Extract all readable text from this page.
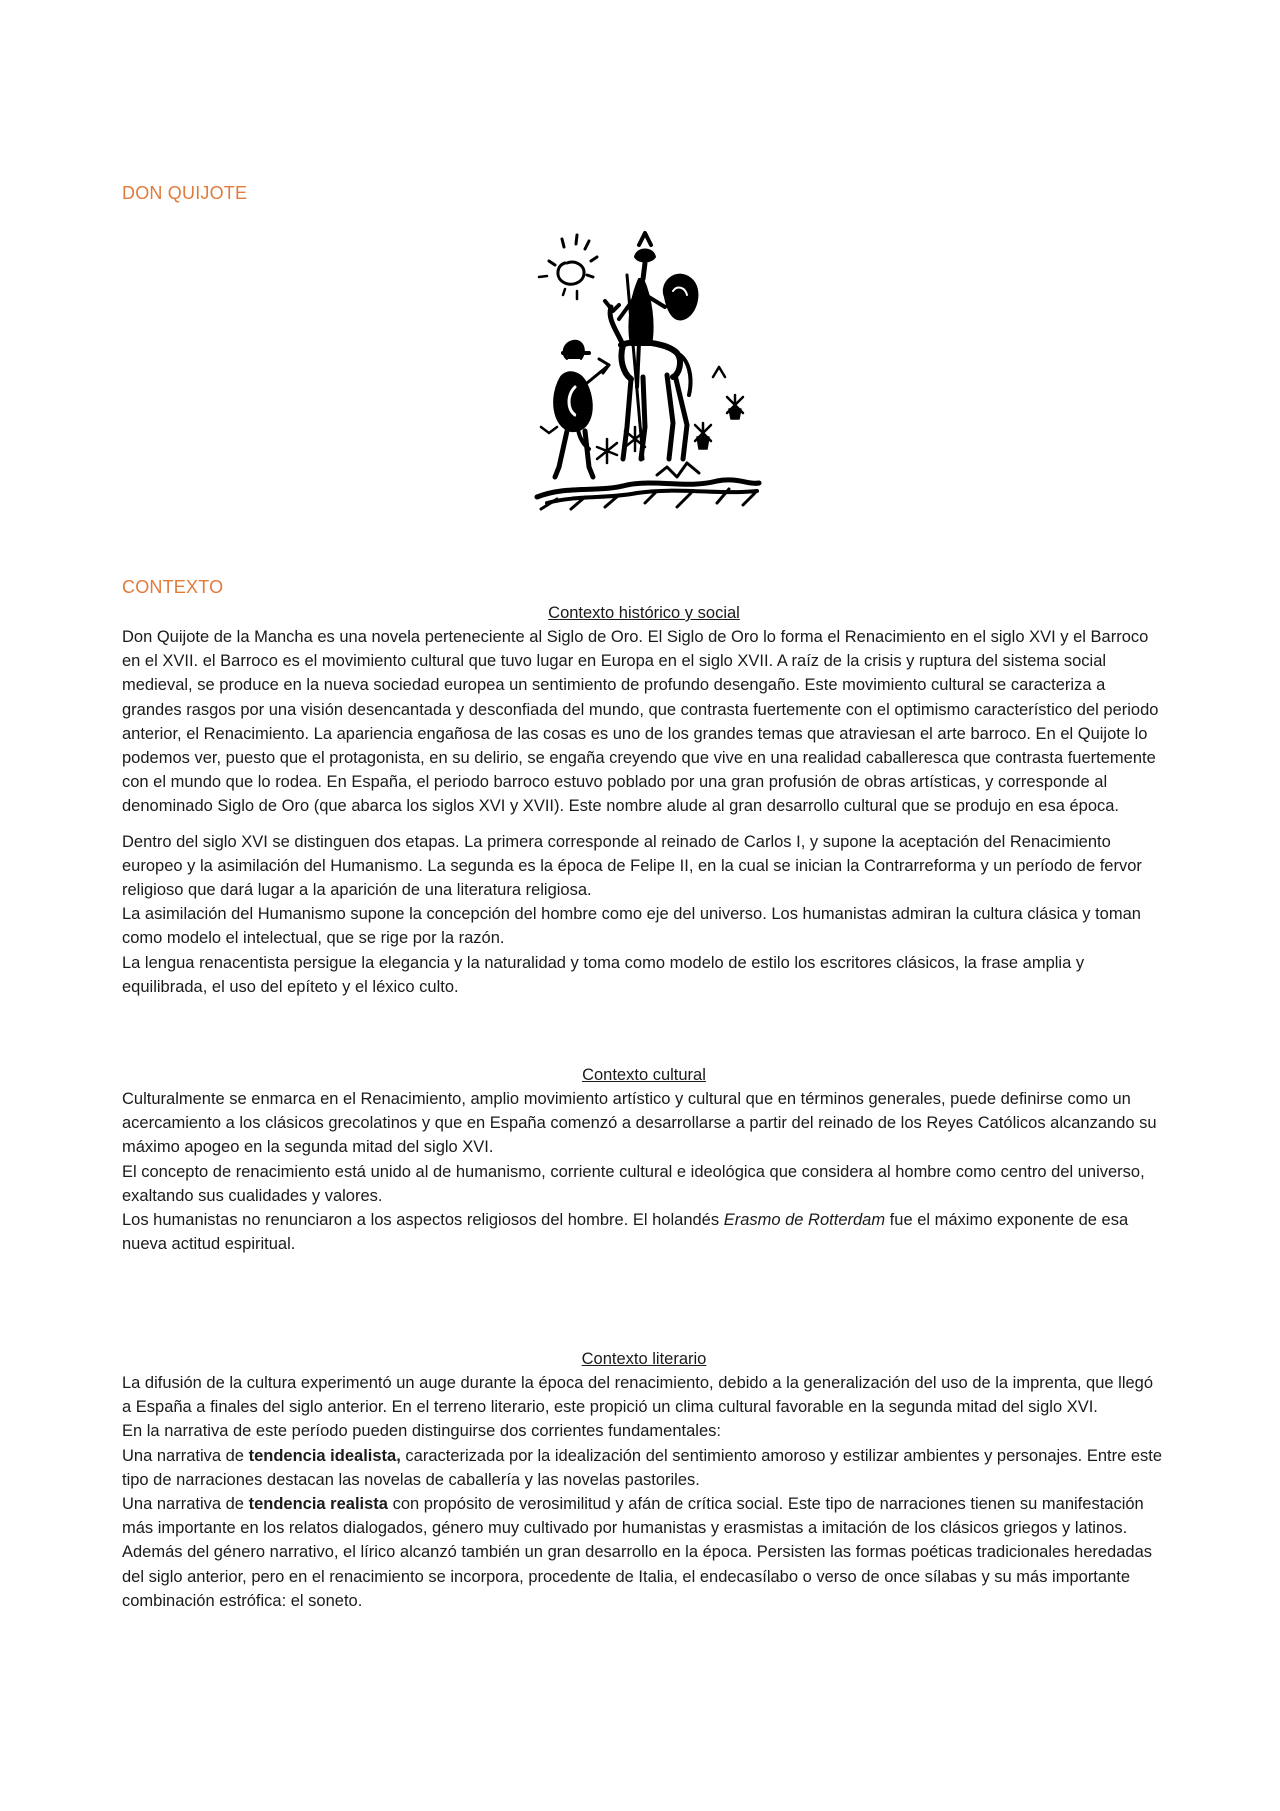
DON QUIJOTE
CONTEXTO
Contexto histórico y social

Don Quijote de la Mancha es una novela perteneciente al Siglo de Oro. El Siglo de Oro lo forma el Renacimiento en el siglo XVI y el Barroco en el XVII. el Barroco es el movimiento cultural que tuvo lugar en Europa en el siglo XVII. A raíz de la crisis y ruptura del sistema social medieval, se produce en la nueva sociedad europea un sentimiento de profundo desengaño. Este movimiento cultural se caracteriza a grandes rasgos por una visión desencantada y desconfiada del mundo, que contrasta fuertemente con el optimismo característico del periodo anterior, el Renacimiento. La apariencia engañosa de las cosas es uno de los grandes temas que atraviesan el arte barroco. En el Quijote lo podemos ver, puesto que el protagonista, en su delirio, se engaña creyendo que vive en una realidad caballeresca que contrasta fuertemente con el mundo que lo rodea. En España, el periodo barroco estuvo poblado por una gran profusión de obras artísticas, y corresponde al denominado Siglo de Oro (que abarca los siglos XVI y XVII). Este nombre alude al gran desarrollo cultural que se produjo en esa época.

Dentro del siglo XVI se distinguen dos etapas. La primera corresponde al reinado de Carlos I, y supone la aceptación del Renacimiento europeo y la asimilación del Humanismo. La segunda es la época de Felipe II, en la cual se inician la Contrarreforma y un período de fervor religioso que dará lugar a la aparición de una literatura religiosa.

La asimilación del Humanismo supone la concepción del hombre como eje del universo. Los humanistas admiran la cultura clásica y toman como modelo el intelectual, que se rige por la razón.

La lengua renacentista persigue la elegancia y la naturalidad y toma como modelo de estilo los escritores clásicos, la frase amplia y equilibrada, el uso del epíteto y el léxico culto.

Contexto cultural

Culturalmente se enmarca en el Renacimiento, amplio movimiento artístico y cultural que en términos generales, puede definirse como un acercamiento a los clásicos grecolatinos y que en España comenzó a desarrollarse a partir del reinado de los Reyes Católicos alcanzando su máximo apogeo en la segunda mitad del siglo XVI.

El concepto de renacimiento está unido al de humanismo, corriente cultural e ideológica que considera al hombre como centro del universo, exaltando sus cualidades y valores.

Los humanistas no renunciaron a los aspectos religiosos del hombre. El holandés Erasmo de Rotterdam fue el máximo exponente de esa nueva actitud espiritual.

Contexto literario

La difusión de la cultura experimentó un auge durante la época del renacimiento, debido a la generalización del uso de la imprenta, que llegó a España a finales del siglo anterior. En el terreno literario, este propició un clima cultural favorable en la segunda mitad del siglo XVI.

En la narrativa de este período pueden distinguirse dos corrientes fundamentales:

Una narrativa de tendencia idealista, caracterizada por la idealización del sentimiento amoroso y estilizar ambientes y personajes. Entre este tipo de narraciones destacan las novelas de caballería y las novelas pastoriles.

Una narrativa de tendencia realista con propósito de verosimilitud y afán de crítica social. Este tipo de narraciones tienen su manifestación más importante en los relatos dialogados, género muy cultivado por humanistas y erasmistas a imitación de los clásicos griegos y latinos.

Además del género narrativo, el lírico alcanzó también un gran desarrollo en la época. Persisten las formas poéticas tradicionales heredadas del siglo anterior, pero en el renacimiento se incorpora, procedente de Italia, el endecasílabo o verso de once sílabas y su más importante combinación estrófica: el soneto.
